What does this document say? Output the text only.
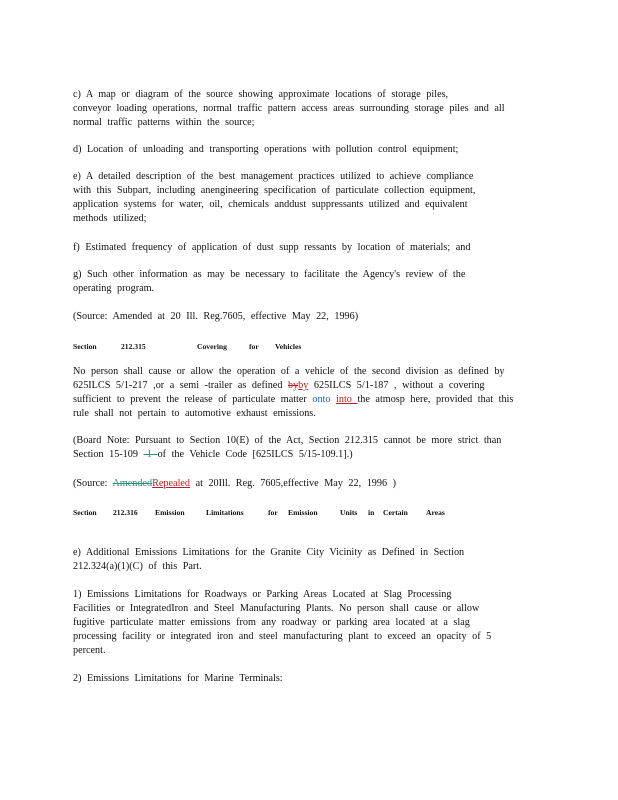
c) A map or diagram of the source showing approximate locations of storage piles,
conveyor loading operations, normal traffic pattern access areas surrounding storage piles and all
normal traffic patterns within the source;
d) Location of unloading and transporting operations with pollution control equipment;
e) A detailed description of the best management practices utilized to achieve compliance
with this Subpart, including anengineering specification of particulate collection equipment,
application systems for water, oil, chemicals anddust suppressants utilized and equivalent
methods utilized;
f) Estimated frequency of application of dust supp ressants by location of materials; and
g) Such other information as may be necessary to facilitate the Agency's review of the
operating program.
(Source: Amended at 20 Ill. Reg.7605, effective May 22, 1996)
Section	212.315	Covering	for Vehicles
No person shall cause or allow the operation of a vehicle of the second division as defined by
625ILCS 5/1-217 ,or a semi -trailer as defined byby 625ILCS 5/1-187 , without a covering
sufficient to prevent the release of particulate matter onto into the atmosp here, provided that this
rule shall not pertain to automotive exhaust emissions.
(Board Note: Pursuant to Section 10(E) of the Act, Section 212.315 cannot be more strict than
Section 15-109 -1 of the Vehicle Code [625ILCS 5/15-109.1].)
(Source: AmendedRepealed at 20Ill. Reg. 7605,effective May 22, 1996 )
Section 212.316 Emission	Limitations	for Emission	Units in Certain Areas
e) Additional Emissions Limitations for the Granite City Vicinity as Defined in Section
212.324(a)(1)(C) of this Part.
1) Emissions Limitations for Roadways or Parking Areas Located at Slag Processing
Facilities or IntegratedIron and Steel Manufacturing Plants. No person shall cause or allow
fugitive particulate matter emissions from any roadway or parking area located at a slag
processing facility or integrated iron and steel manufacturing plant to exceed an opacity of 5
percent.
2) Emissions Limitations for Marine Terminals:
